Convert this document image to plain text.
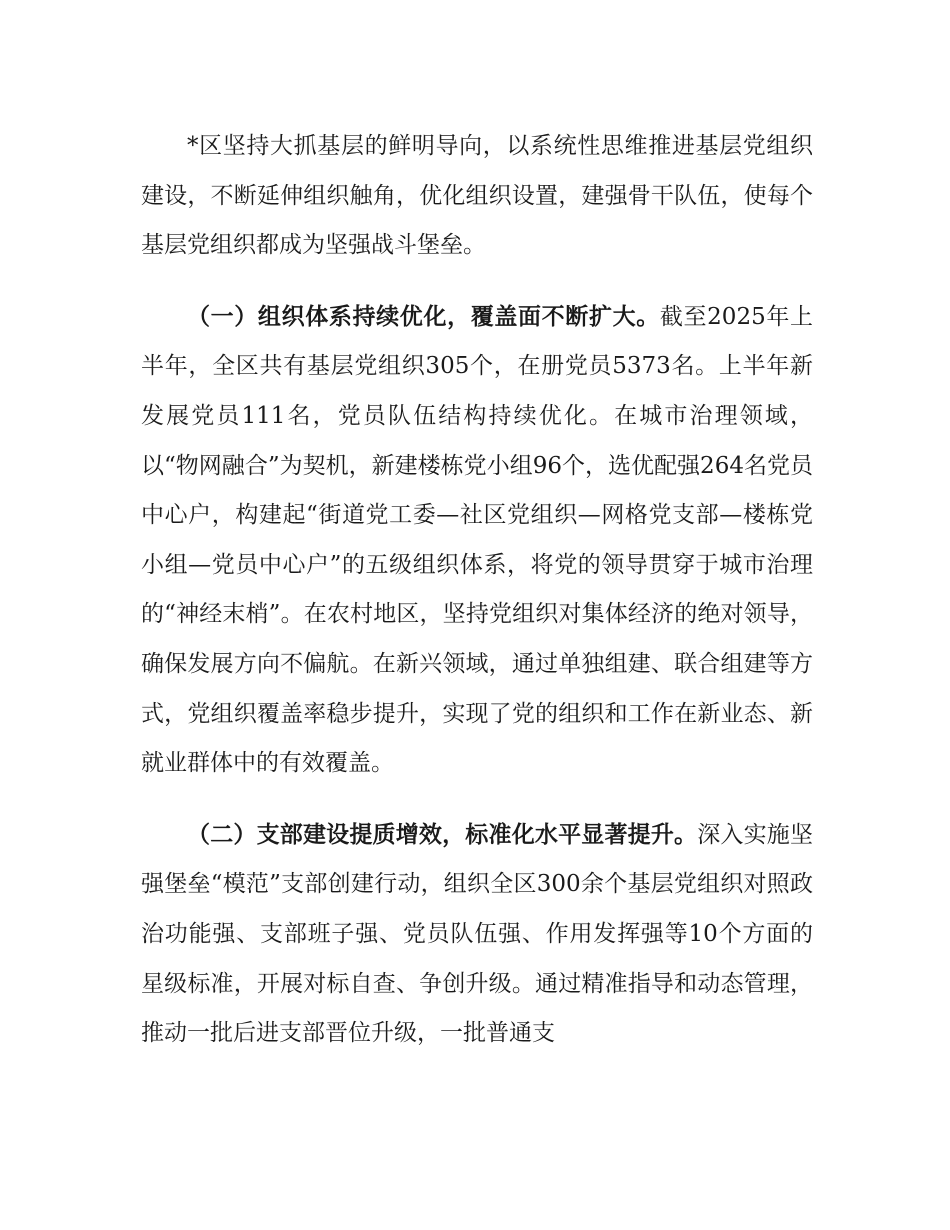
*区坚持大抓基层的鲜明导向，以系统性思维推进基层党组织建设，不断延伸组织触角，优化组织设置，建强骨干队伍，使每个基层党组织都成为坚强战斗堡垒。

（一）组织体系持续优化，覆盖面不断扩大。截至2025年上半年，全区共有基层党组织305个，在册党员5373名。上半年新发展党员111名，党员队伍结构持续优化。在城市治理领域，以“物网融合”为契机，新建楼栋党小组96个，选优配强264名党员中心户，构建起“街道党工委—社区党组织—网格党支部—楼栋党小组—党员中心户”的五级组织体系，将党的领导贯穿于城市治理的“神经末梢”。在农村地区，坚持党组织对集体经济的绝对领导，确保发展方向不偏航。在新兴领域，通过单独组建、联合组建等方式，党组织覆盖率稳步提升，实现了党的组织和工作在新业态、新就业群体中的有效覆盖。

（二）支部建设提质增效，标准化水平显著提升。深入实施坚强堡垒“模范”支部创建行动，组织全区300余个基层党组织对照政治功能强、支部班子强、党员队伍强、作用发挥强等10个方面的星级标准，开展对标自查、争创升级。通过精准指导和动态管理，推动一批后进支部晋位升级，一批普通支
